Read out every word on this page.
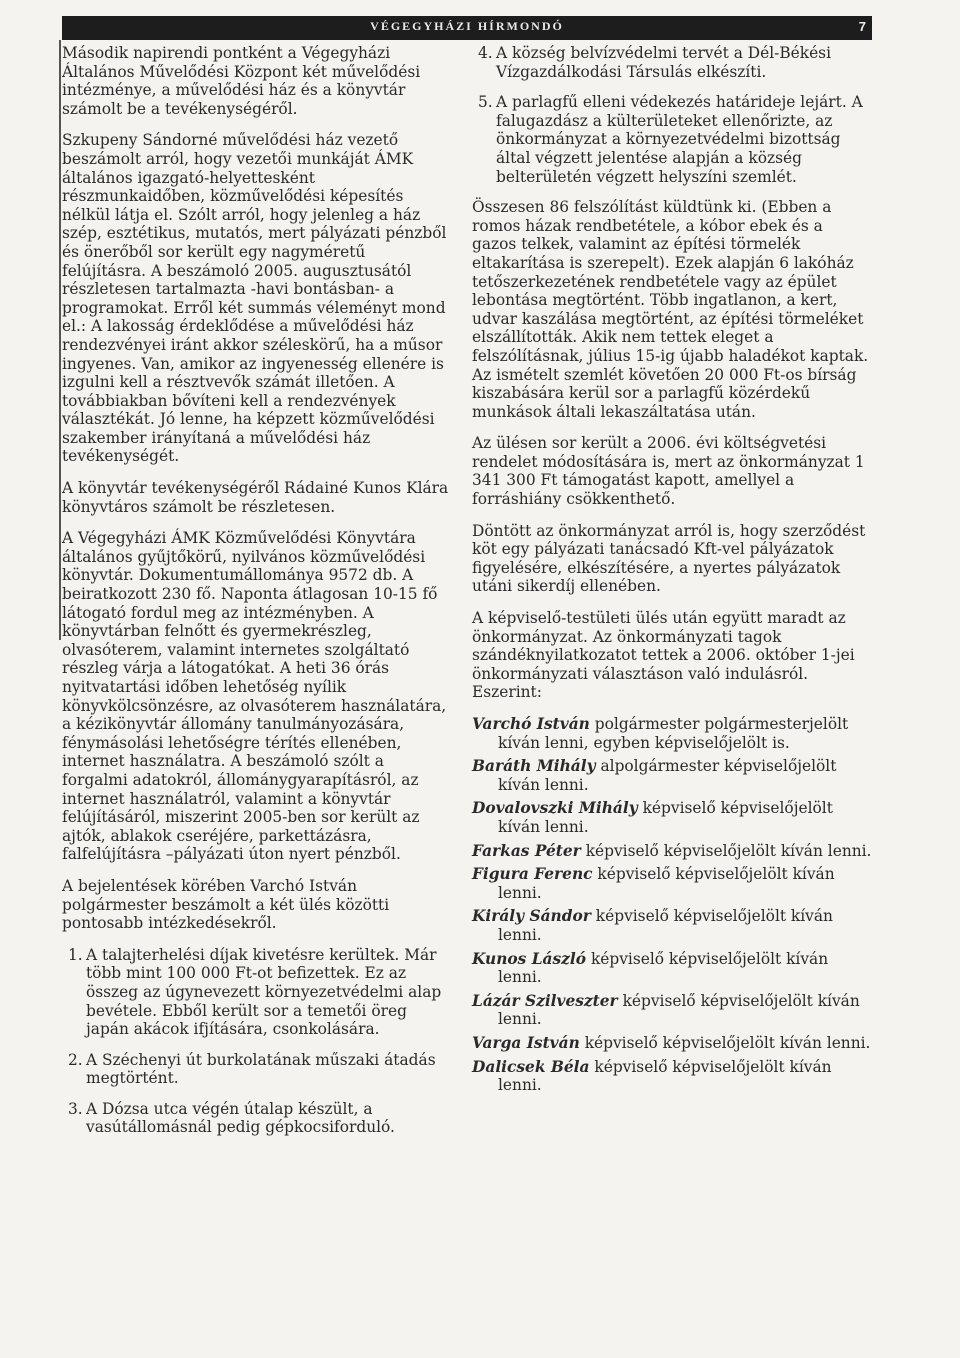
VÉGEGYHÁZI HÍRMONDÓ	7

Második napirendi pontként a Végegyházi Általános Művelődési Központ két művelődési intézménye, a művelődési ház és a könyvtár számolt be a tevékenységéről.

Szkupeny Sándorné művelődési ház vezető beszámolt arról, hogy vezetői munkáját ÁMK általános igazgató-helyettesként részmunkaidőben, közművelődési képesítés nélkül látja el. Szólt arról, hogy jelenleg a ház szép, esztétikus, mutatós, mert pályázati pénzből és önerőből sor került egy nagyméretű felújításra. A beszámoló 2005. augusztusától részletesen tartalmazta -havi bontásban- a programokat. Erről két summás véleményt mond el.: A lakosság érdeklődése a művelődési ház rendezvényei iránt akkor széleskörű, ha a műsor ingyenes. Van, amikor az ingyenesség ellenére is izgulni kell a résztvevők számát illetően. A továbbiakban bővíteni kell a rendezvények választékát. Jó lenne, ha képzett közművelődési szakember irányítaná a művelődési ház tevékenységét.

A könyvtár tevékenységéről Rádainé Kunos Klára könyvtáros számolt be részletesen.

A Végegyházi ÁMK Közművelődési Könyvtára általános gyűjtőkörű, nyilvános közművelődési könyvtár. Dokumentumállománya 9572 db. A beiratkozott 230 fő. Naponta átlagosan 10-15 fő látogató fordul meg az intézményben. A könyvtárban felnőtt és gyermekrészleg, olvasóterem, valamint internetes szolgáltató részleg várja a látogatókat. A heti 36 órás nyitvatartási időben lehetőség nyílik könyvkölcsönzésre, az olvasóterem használatára, a kézikönyvtár állomány tanulmányozására, fénymásolási lehetőségre térítés ellenében, internet használatra. A beszámoló szólt a forgalmi adatokról, állománygyarapításról, az internet használatról, valamint a könyvtár felújításáról, miszerint 2005-ben sor került az ajtók, ablakok cseréjére, parkettázásra, falfelújításra –pályázati úton nyert pénzből.

A bejelentések körében Varchó István polgármester beszámolt a két ülés közötti pontosabb intézkedésekről.

1. A talajterhelési díjak kivetésre kerültek. Már több mint 100 000 Ft-ot befizettek. Ez az összeg az úgynevezett környezetvédelmi alap bevétele. Ebből került sor a temetői öreg japán akácok ifjítására, csonkolására.
2. A Széchenyi út burkolatának műszaki átadás megtörtént.
3. A Dózsa utca végén útalap készült, a vasútállomásnál pedig gépkocsiforduló.
4. A község belvízvédelmi tervét a Dél-Békési Vízgazdálkodási Társulás elkészíti.
5. A parlagfű elleni védekezés határideje lejárt. A falugazdász a külterületeket ellenőrizte, az önkormányzat a környezetvédelmi bizottság által végzett jelentése alapján a község belterületén végzett helyszíni szemlét.

Összesen 86 felszólítást küldtünk ki. (Ebben a romos házak rendbetétele, a kóbor ebek és a gazos telkek, valamint az építési törmelék eltakarítása is szerepelt). Ezek alapján 6 lakóház tetőszerkezetének rendbetétele vagy az épület lebontása megtörtént. Több ingatlanon, a kert, udvar kaszálása megtörtént, az építési törmeléket elszállították. Akik nem tettek eleget a felszólításnak, július 15-ig újabb haladékot kaptak. Az ismételt szemlét követően 20 000 Ft-os bírság kiszabására kerül sor a parlagfű közérdekű munkások általi lekaszáltatása után.

Az ülésen sor került a 2006. évi költségvetési rendelet módosítására is, mert az önkormányzat 1 341 300 Ft támogatást kapott, amellyel a forráshiány csökkenthető.

Döntött az önkormányzat arról is, hogy szerződést köt egy pályázati tanácsadó Kft-vel pályázatok figyelésére, elkészítésére, a nyertes pályázatok utáni sikerdíj ellenében.

A képviselő-testületi ülés után együtt maradt az önkormányzat. Az önkormányzati tagok szándéknyilatkozatot tettek a 2006. október 1-jei önkormányzati választáson való indulásról. Eszerint:

Varchó István polgármester polgármesterjelölt kíván lenni, egyben képviselőjelölt is.
Baráth Mihály alpolgármester képviselőjelölt kíván lenni.
Dovalovszki Mihály képviselő képviselőjelölt kíván lenni.
Farkas Péter képviselő képviselőjelölt kíván lenni.
Figura Ferenc képviselő képviselőjelölt kíván lenni.
Király Sándor képviselő képviselőjelölt kíván lenni.
Kunos László képviselő képviselőjelölt kíván lenni.
Lázár Szilveszter képviselő képviselőjelölt kíván lenni.
Varga István képviselő képviselőjelölt kíván lenni.
Dalicsek Béla képviselő képviselőjelölt kíván lenni.
